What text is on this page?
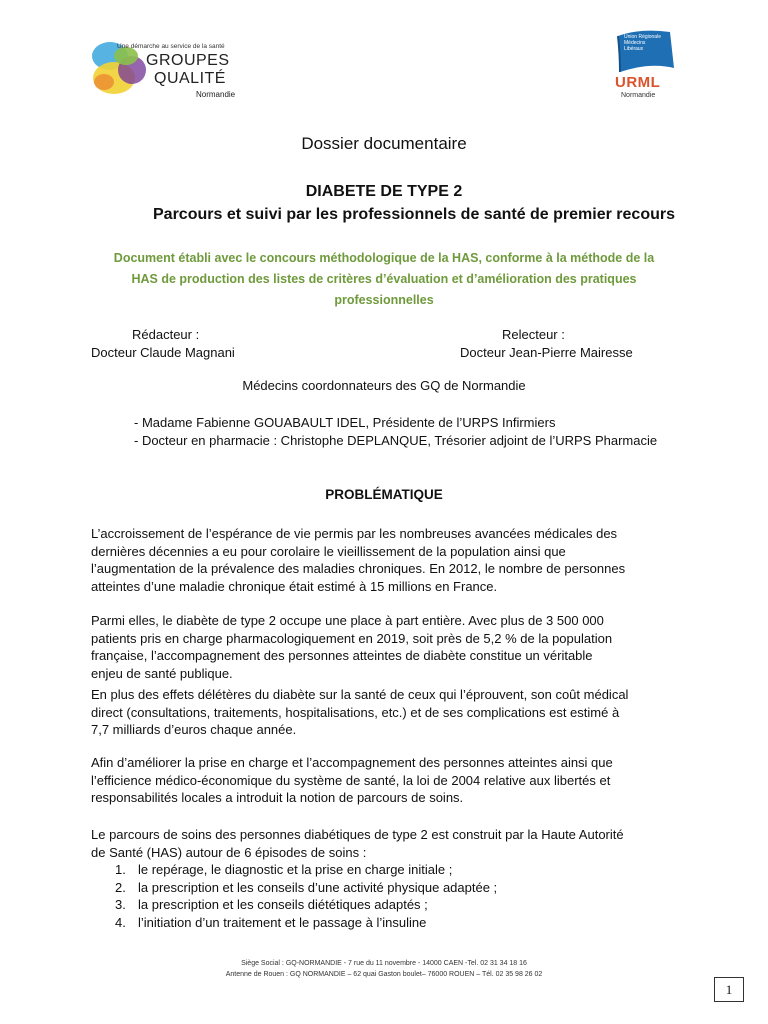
Une démarche au service de la santé
GROUPES
QUALITÉ
Normandie
Union Régionale Médecins Libéraux
URML
Normandie
Dossier documentaire
DIABETE DE TYPE 2
Parcours et suivi par les professionnels de santé de premier recours
Document établi avec le concours méthodologique de la HAS, conforme à la méthode de la
HAS de production des listes de critères d’évaluation et d’amélioration des pratiques
professionnelles
Rédacteur :
Docteur Claude Magnani
Relecteur :
Docteur Jean-Pierre Mairesse
Médecins coordonnateurs des GQ de Normandie
- Madame Fabienne GOUABAULT IDEL, Présidente de l’URPS Infirmiers
- Docteur en pharmacie : Christophe DEPLANQUE, Trésorier adjoint de l’URPS Pharmacie
PROBLÉMATIQUE
L’accroissement de l’espérance de vie permis par les nombreuses avancées médicales des
dernières décennies a eu pour corolaire le vieillissement de la population ainsi que
l’augmentation de la prévalence des maladies chroniques. En 2012, le nombre de personnes
atteintes d’une maladie chronique était estimé à 15 millions en France.
Parmi elles, le diabète de type 2 occupe une place à part entière. Avec plus de 3 500 000
patients pris en charge pharmacologiquement en 2019, soit près de 5,2 % de la population
française, l’accompagnement des personnes atteintes de diabète constitue un véritable
enjeu de santé publique.
En plus des effets délétères du diabète sur la santé de ceux qui l’éprouvent, son coût médical
direct (consultations, traitements, hospitalisations, etc.) et de ses complications est estimé à
7,7 milliards d’euros chaque année.
Afin d’améliorer la prise en charge et l’accompagnement des personnes atteintes ainsi que
l’efficience médico-économique du système de santé, la loi de 2004 relative aux libertés et
responsabilités locales a introduit la notion de parcours de soins.
Le parcours de soins des personnes diabétiques de type 2 est construit par la Haute Autorité
de Santé (HAS) autour de 6 épisodes de soins :
1. le repérage, le diagnostic et la prise en charge initiale ;
2. la prescription et les conseils d’une activité physique adaptée ;
3. la prescription et les conseils diététiques adaptés ;
4. l’initiation d’un traitement et le passage à l’insuline
Siège Social : GQ-NORMANDIE - 7 rue du 11 novembre - 14000 CAEN -Tel. 02 31 34 18 16
Antenne de Rouen : GQ NORMANDIE – 62 quai Gaston boulet– 76000 ROUEN – Tél. 02 35 98 26 02
1
